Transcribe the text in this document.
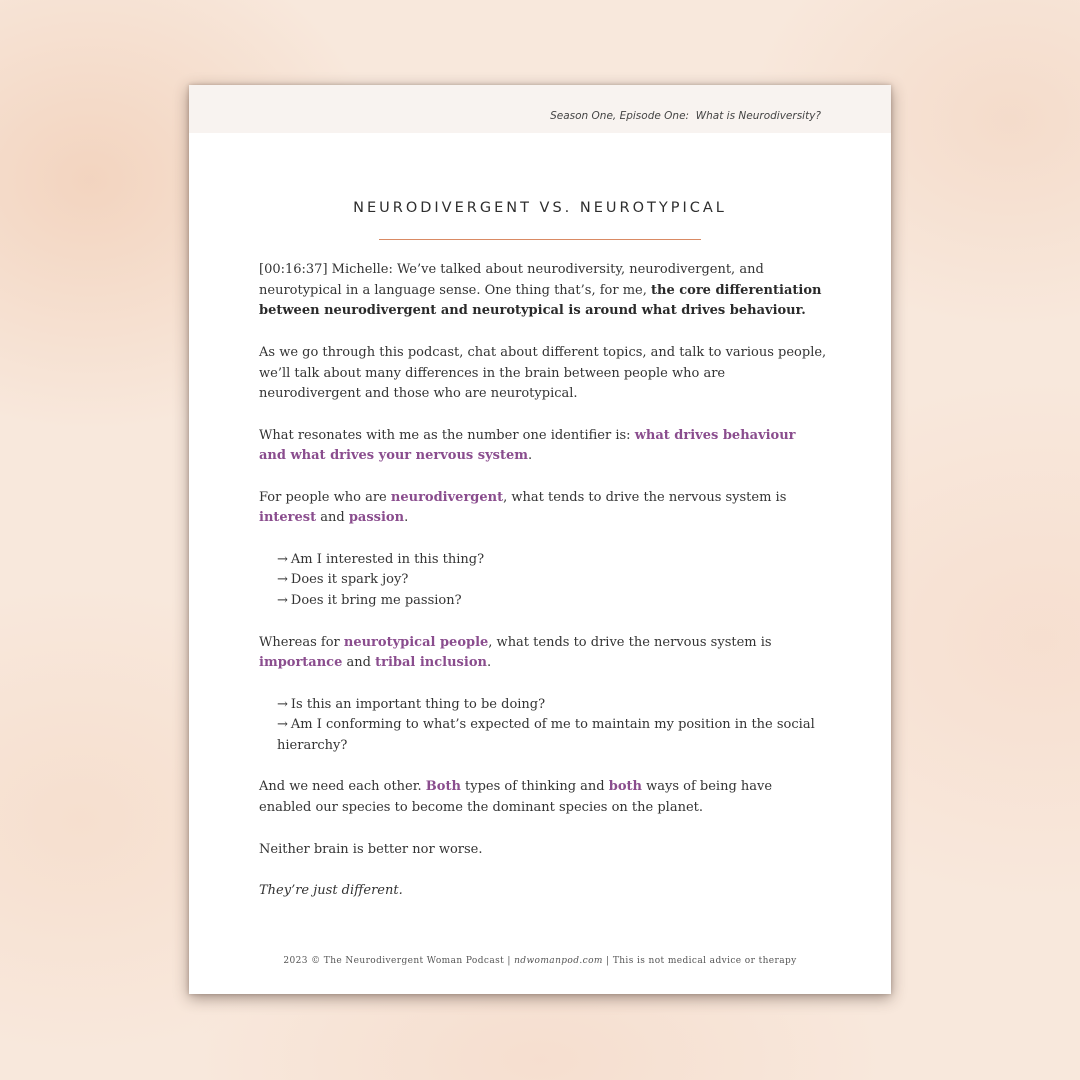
Season One, Episode One:  What is Neurodiversity?
NEURODIVERGENT VS. NEUROTYPICAL

[00:16:37] Michelle: We’ve talked about neurodiversity, neurodivergent, and neurotypical in a language sense. One thing that’s, for me, the core differentiation between neurodivergent and neurotypical is around what drives behaviour.

As we go through this podcast, chat about different topics, and talk to various people, we’ll talk about many differences in the brain between people who are neurodivergent and those who are neurotypical.

What resonates with me as the number one identifier is: what drives behaviour and what drives your nervous system.

For people who are neurodivergent, what tends to drive the nervous system is interest and passion.

→ Am I interested in this thing?
→ Does it spark joy?
→ Does it bring me passion?

Whereas for neurotypical people, what tends to drive the nervous system is importance and tribal inclusion.

→ Is this an important thing to be doing?
→ Am I conforming to what’s expected of me to maintain my position in the social hierarchy?

And we need each other. Both types of thinking and both ways of being have enabled our species to become the dominant species on the planet.

Neither brain is better nor worse.

They’re just different.

2023 © The Neurodivergent Woman Podcast | ndwomanpod.com | This is not medical advice or therapy
